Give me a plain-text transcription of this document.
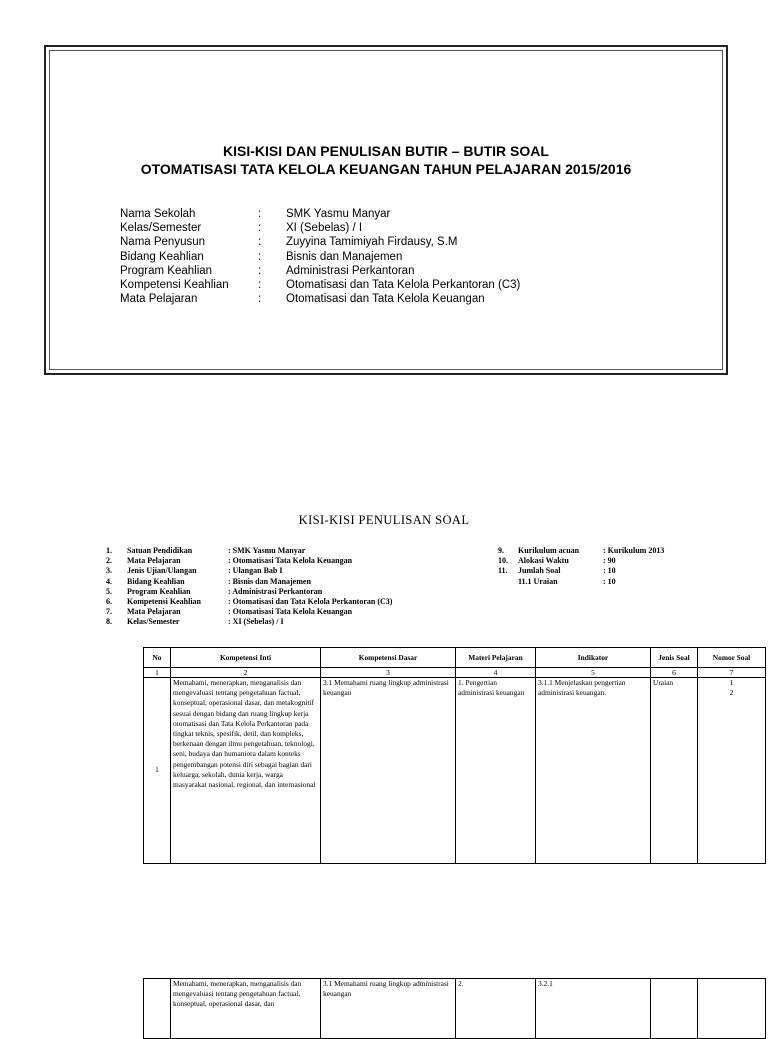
KISI-KISI DAN PENULISAN BUTIR – BUTIR SOAL
OTOMATISASI TATA KELOLA KEUANGAN TAHUN PELAJARAN 2015/2016
Nama Sekolah	:	SMK Yasmu Manyar
Kelas/Semester	:	XI (Sebelas) / I
Nama Penyusun	:	Zuyyina Tamimiyah Firdausy, S.M
Bidang Keahlian	:	Bisnis dan Manajemen
Program Keahlian	:	Administrasi Perkantoran
Kompetensi Keahlian	:	Otomatisasi dan Tata Kelola Perkantoran (C3)
Mata Pelajaran	:	Otomatisasi dan Tata Kelola Keuangan
KISI-KISI PENULISAN SOAL
1.	Satuan Pendidikan	: SMK Yasmu Manyar
2.	Mata Pelajaran	: Otomatisasi Tata Kelola Keuangan
3.	Jenis Ujian/Ulangan	: Ulangan Bab I
4.	Bidang Keahlian	: Bisnis dan Manajemen
5.	Program Keahlian	: Administrasi Perkantoran
6.	Kompetensi Keahlian	: Otomatisasi dan Tata Kelola Perkantoran (C3)
7.	Mata Pelajaran	: Otomatisasi Tata Kelola Keuangan
8.	Kelas/Semester	: XI (Sebelas) / I
9.	Kurikulum acuan	: Kurikulum 2013
10.	Alokasi Waktu	: 90
11.	Jumlah Soal	: 10
11.1 Uraian	: 10
No	Kompetensi Inti	Kompetensi Dasar	Materi Pelajaran	Indikator	Jenis Soal	Nomor Soal
1	2	3	4	5	6	7
1	Memahami, menerapkan, menganalisis dan mengevaluasi tentang pengetahuan factual, konseptual, operasional dasar, dan metakognitif sesuai dengan bidang dan ruang lingkup kerja otomatisasi dan Tata Kelola Perkantoran pada tingkat teknis, spesifik, detil, dan kompleks, berkenaan dengan ilmu pengetahuan, teknologi, seni, budaya dan humaniora dalam konteks pengembangan potensi diri sebagai bagian dari keluarga, sekolah, dunia kerja, warga masyarakat nasional, regional, dan internasional	3.1 Memahami ruang lingkup administrasi keuangan	1. Pengertian administrasi keuangan	3.1.1 Menjelaskan pengertian administrasi keuangan.	Uraian	1
2
	Memahami, menerapkan, menganalisis dan mengevaluasi tentang pengetahuan factual, konseptual, operasional dasar, dan	3.1 Memahami ruang lingkup administrasi keuangan	2.	3.2.1		
